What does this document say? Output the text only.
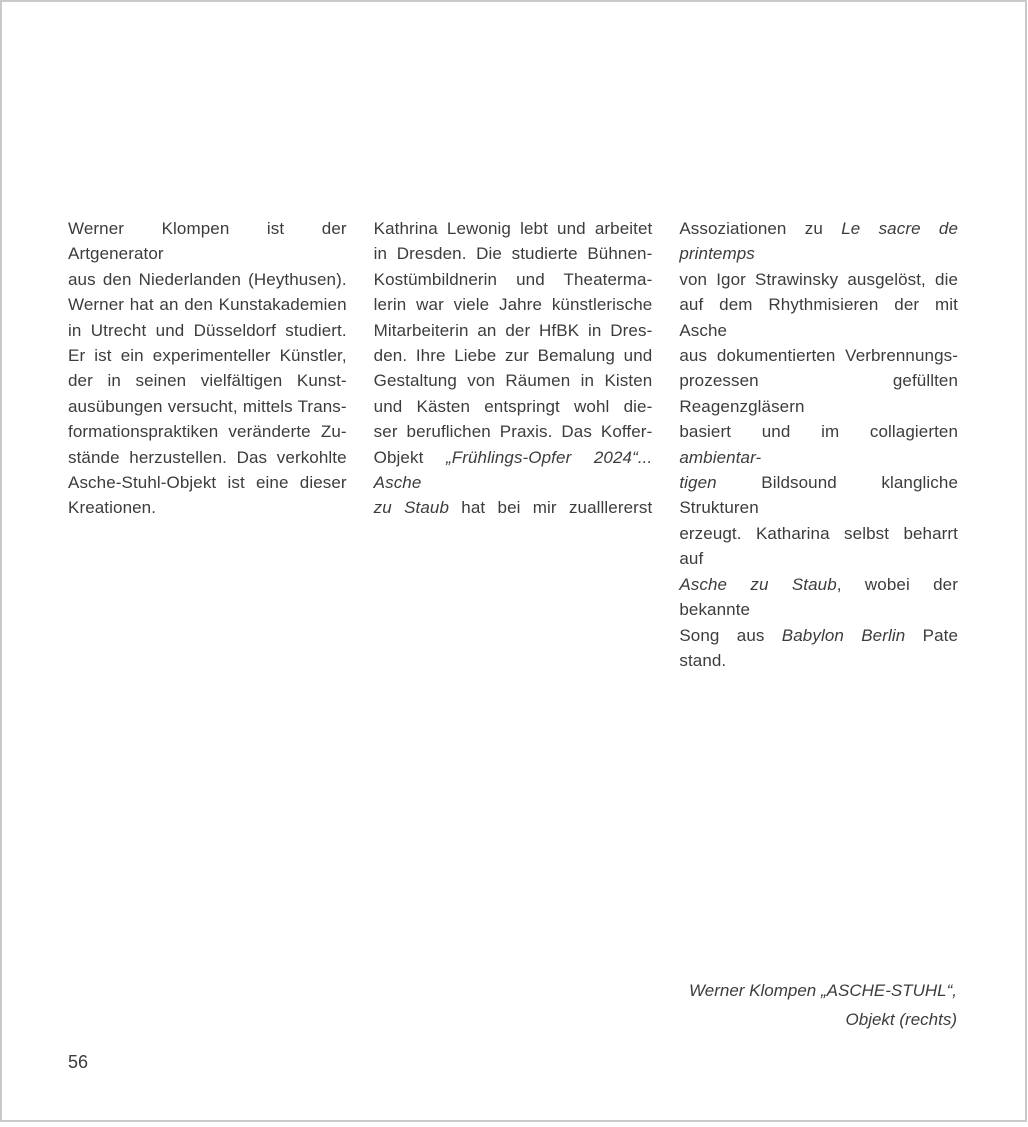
Werner Klompen ist der Artgenerator
aus den Niederlanden (Heythusen).
Werner hat an den Kunstakademien
in Utrecht und Düsseldorf studiert.
Er ist ein experimenteller Künstler,
der in seinen vielfältigen Kunst-
ausübungen versucht, mittels Trans-
formationspraktiken veränderte Zu-
stände herzustellen. Das verkohlte
Asche-Stuhl-Objekt ist eine dieser
Kreationen.
Kathrina Lewonig lebt und arbeitet
in Dresden. Die studierte Bühnen-
Kostümbildnerin und Theaterma-
lerin war viele Jahre künstlerische
Mitarbeiterin an der HfBK in Dres-
den. Ihre Liebe zur Bemalung und
Gestaltung von Räumen in Kisten
und Kästen entspringt wohl die-
ser beruflichen Praxis. Das Koffer-
Objekt „Frühlings-Opfer 2024“... Asche
zu Staub hat bei mir zualllererst
Assoziationen zu Le sacre de printemps
von Igor Strawinsky ausgelöst, die
auf dem Rhythmisieren der mit Asche
aus dokumentierten Verbrennungs-
prozessen gefüllten Reagenzgläsern
basiert und im collagierten ambientar-
tigen Bildsound klangliche Strukturen
erzeugt. Katharina selbst beharrt auf
Asche zu Staub, wobei der bekannte
Song aus Babylon Berlin Pate stand.
Werner Klompen „ASCHE-STUHL“,
Objekt (rechts)
56
